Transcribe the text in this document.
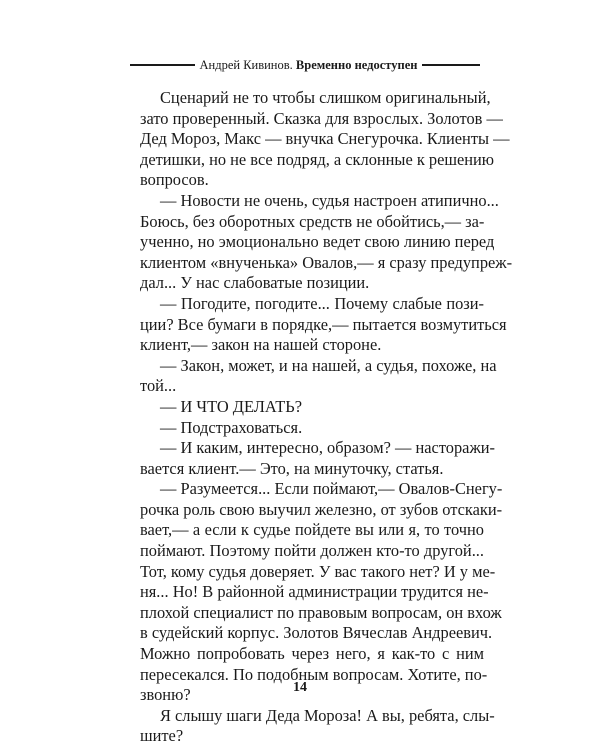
Андрей Кивинов. Временно недоступен
Сценарий не то чтобы слишком оригинальный,
зато проверенный. Сказка для взрослых. Золотов —
Дед Мороз, Макс — внучка Снегурочка. Клиенты —
детишки, но не все подряд, а склонные к решению
вопросов.
— Новости не очень, судья настроен атипично...
Боюсь, без оборотных средств не обойтись,— за-
ученно, но эмоционально ведет свою линию перед
клиентом «внученька» Овалов,— я сразу предупреж-
дал... У нас слабоватые позиции.
— Погодите, погодите... Почему слабые пози-
ции? Все бумаги в порядке,— пытается возмутиться
клиент,— закон на нашей стороне.
— Закон, может, и на нашей, а судья, похоже, на
той...
— И ЧТО ДЕЛАТЬ?
— Подстраховаться.
— И каким, интересно, образом? — насторажи-
вается клиент.— Это, на минуточку, статья.
— Разумеется... Если поймают,— Овалов-Снегу-
рочка роль свою выучил железно, от зубов отскаки-
вает,— а если к судье пойдете вы или я, то точно
поймают. Поэтому пойти должен кто-то другой...
Тот, кому судья доверяет. У вас такого нет? И у ме-
ня... Но! В районной администрации трудится не-
плохой специалист по правовым вопросам, он вхож
в судейский корпус. Золотов Вячеслав Андреевич.
Можно попробовать через него, я как-то с ним
пересекался. По подобным вопросам. Хотите, по-
звоню?
Я слышу шаги Деда Мороза! А вы, ребята, слы-
шите?
14
